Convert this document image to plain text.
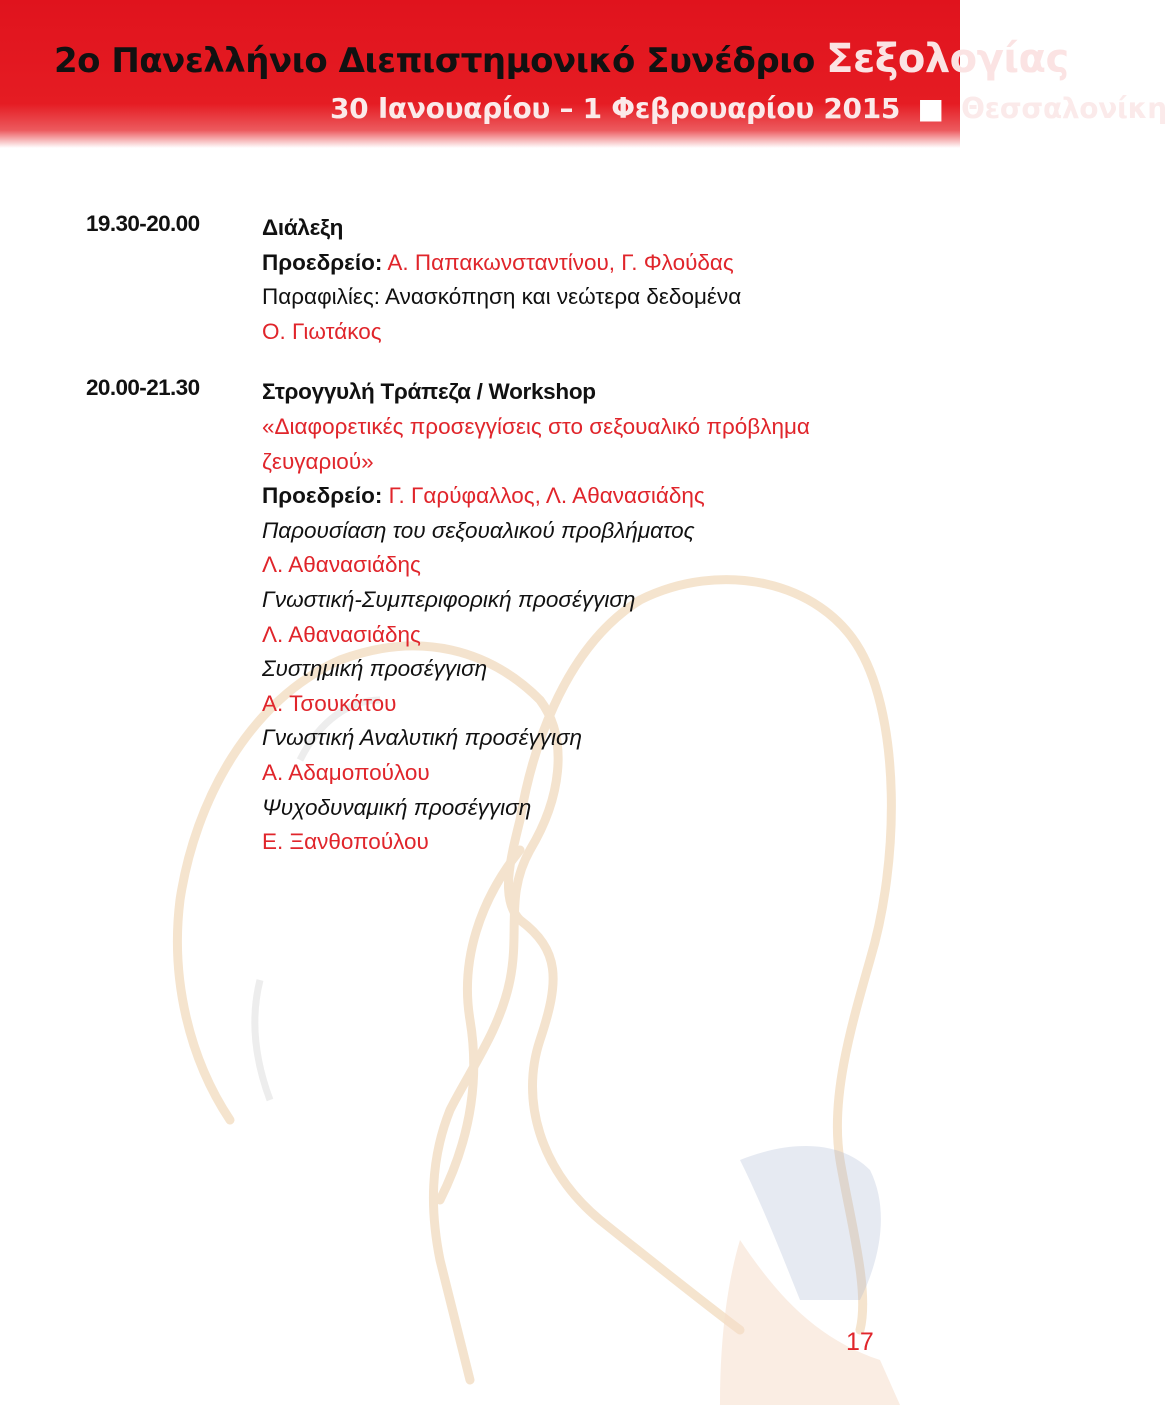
2ο Πανελλήνιο Διεπιστημονικό Συνέδριο Σεξολογίας
30 Ιανουαρίου – 1 Φεβρουαρίου 2015 ■ Θεσσαλονίκη
19.30-20.00	Διάλεξη
Προεδρείο: Α. Παπακωνσταντίνου, Γ. Φλούδας
Παραφιλίες: Ανασκόπηση και νεώτερα δεδομένα
Ο. Γιωτάκος
20.00-21.30	Στρογγυλή Τράπεζα / Workshop
«Διαφορετικές προσεγγίσεις στο σεξουαλικό πρόβλημα
ζευγαριού»
Προεδρείο: Γ. Γαρύφαλλος, Λ. Αθανασιάδης
Παρουσίαση του σεξουαλικού προβλήματος
Λ. Αθανασιάδης
Γνωστική-Συμπεριφορική προσέγγιση
Λ. Αθανασιάδης
Συστημική προσέγγιση
Α. Τσουκάτου
Γνωστική Αναλυτική προσέγγιση
Α. Αδαμοπούλου
Ψυχοδυναμική προσέγγιση
Ε. Ξανθοπούλου
17
